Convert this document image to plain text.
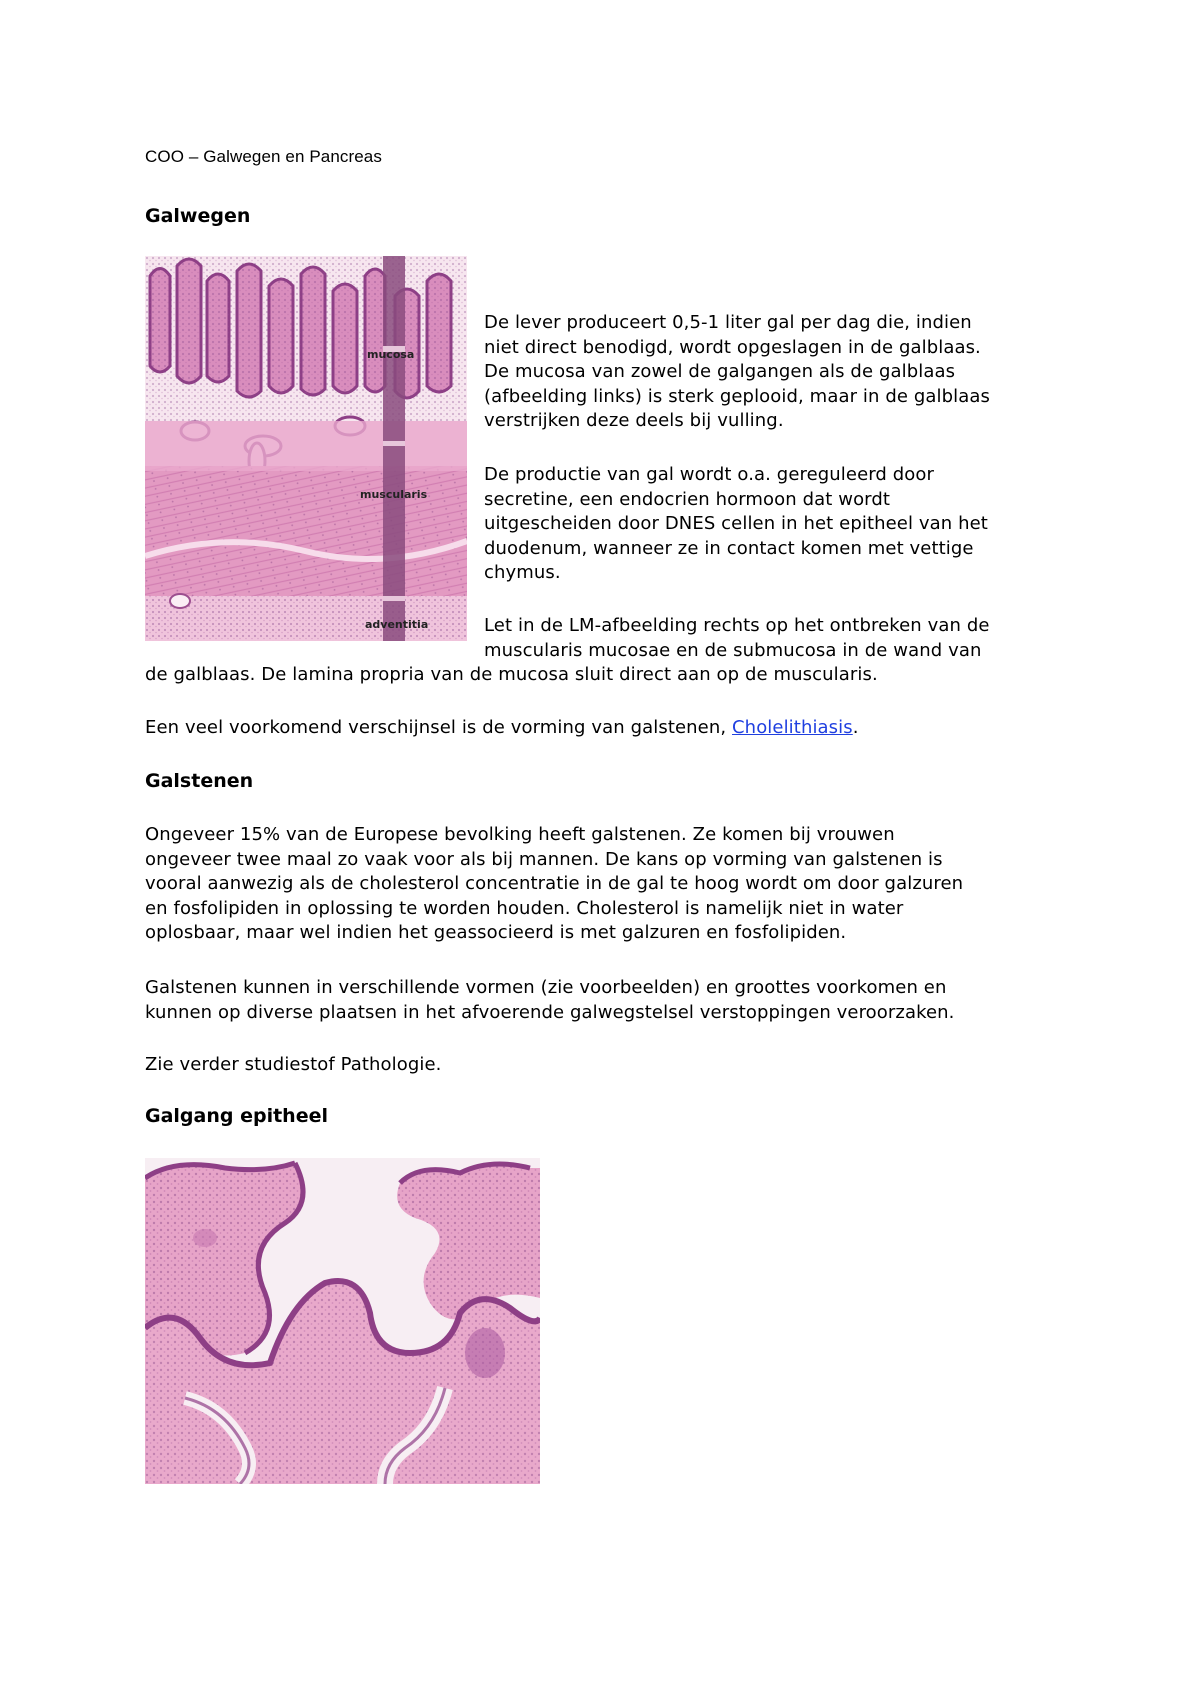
COO – Galwegen en Pancreas
Galwegen
mucosa
muscularis
adventitia
De lever produceert 0,5-1 liter gal per dag die, indien
niet direct benodigd, wordt opgeslagen in de galblaas.
De mucosa van zowel de galgangen als de galblaas
(afbeelding links) is sterk geplooid, maar in de galblaas
verstrijken deze deels bij vulling.
De productie van gal wordt o.a. gereguleerd door
secretine, een endocrien hormoon dat wordt
uitgescheiden door DNES cellen in het epitheel van het
duodenum, wanneer ze in contact komen met vettige
chymus.
Let in de LM-afbeelding rechts op het ontbreken van de
muscularis mucosae en de submucosa in de wand van
de galblaas. De lamina propria van de mucosa sluit direct aan op de muscularis.
Een veel voorkomend verschijnsel is de vorming van galstenen, Cholelithiasis.
Galstenen
Ongeveer 15% van de Europese bevolking heeft galstenen. Ze komen bij vrouwen
ongeveer twee maal zo vaak voor als bij mannen. De kans op vorming van galstenen is
vooral aanwezig als de cholesterol concentratie in de gal te hoog wordt om door galzuren
en fosfolipiden in oplossing te worden houden. Cholesterol is namelijk niet in water
oplosbaar, maar wel indien het geassocieerd is met galzuren en fosfolipiden.
Galstenen kunnen in verschillende vormen (zie voorbeelden) en groottes voorkomen en
kunnen op diverse plaatsen in het afvoerende galwegstelsel verstoppingen veroorzaken.
Zie verder studiestof Pathologie.
Galgang epitheel
